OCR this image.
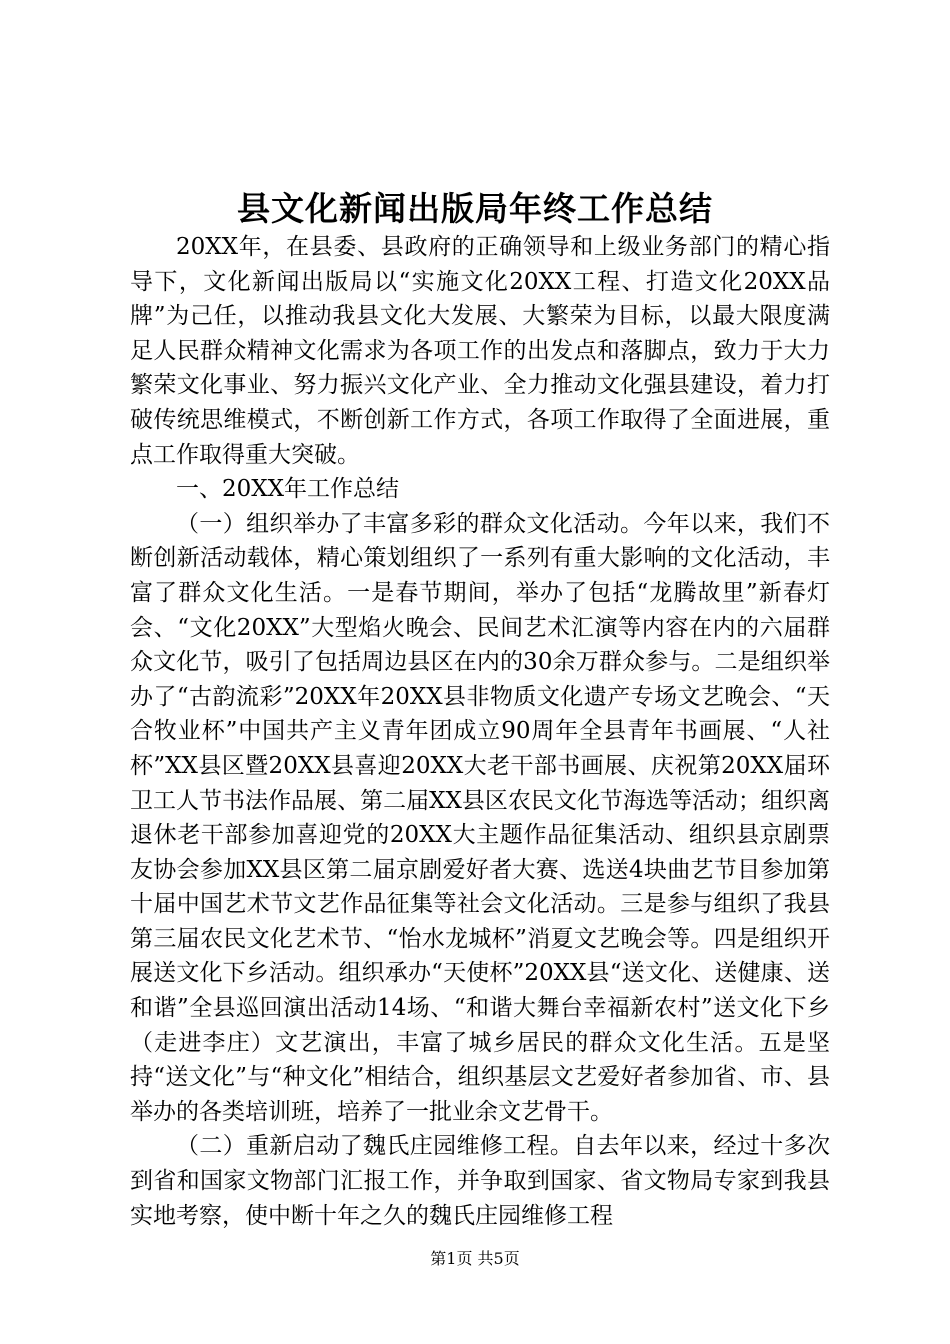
县文化新闻出版局年终工作总结

20XX年，在县委、县政府的正确领导和上级业务部门的精心指导下，文化新闻出版局以“实施文化20XX工程、打造文化20XX品牌”为己任，以推动我县文化大发展、大繁荣为目标，以最大限度满足人民群众精神文化需求为各项工作的出发点和落脚点，致力于大力繁荣文化事业、努力振兴文化产业、全力推动文化强县建设，着力打破传统思维模式，不断创新工作方式，各项工作取得了全面进展，重点工作取得重大突破。

一、20XX年工作总结

（一）组织举办了丰富多彩的群众文化活动。今年以来，我们不断创新活动载体，精心策划组织了一系列有重大影响的文化活动，丰富了群众文化生活。一是春节期间，举办了包括“龙腾故里”新春灯会、“文化20XX”大型焰火晚会、民间艺术汇演等内容在内的六届群众文化节，吸引了包括周边县区在内的30余万群众参与。二是组织举办了“古韵流彩”20XX年20XX县非物质文化遗产专场文艺晚会、“天合牧业杯”中国共产主义青年团成立90周年全县青年书画展、“人社杯”XX县区暨20XX县喜迎20XX大老干部书画展、庆祝第20XX届环卫工人节书法作品展、第二届XX县区农民文化节海选等活动；组织离退休老干部参加喜迎党的20XX大主题作品征集活动、组织县京剧票友协会参加XX县区第二届京剧爱好者大赛、选送4块曲艺节目参加第十届中国艺术节文艺作品征集等社会文化活动。三是参与组织了我县第三届农民文化艺术节、“怡水龙城杯”消夏文艺晚会等。四是组织开展送文化下乡活动。组织承办“天使杯”20XX县“送文化、送健康、送和谐”全县巡回演出活动14场、“和谐大舞台幸福新农村”送文化下乡（走进李庄）文艺演出，丰富了城乡居民的群众文化生活。五是坚持“送文化”与“种文化”相结合，组织基层文艺爱好者参加省、市、县举办的各类培训班，培养了一批业余文艺骨干。

（二）重新启动了魏氏庄园维修工程。自去年以来，经过十多次到省和国家文物部门汇报工作，并争取到国家、省文物局专家到我县实地考察，使中断十年之久的魏氏庄园维修工程

第1页 共5页
